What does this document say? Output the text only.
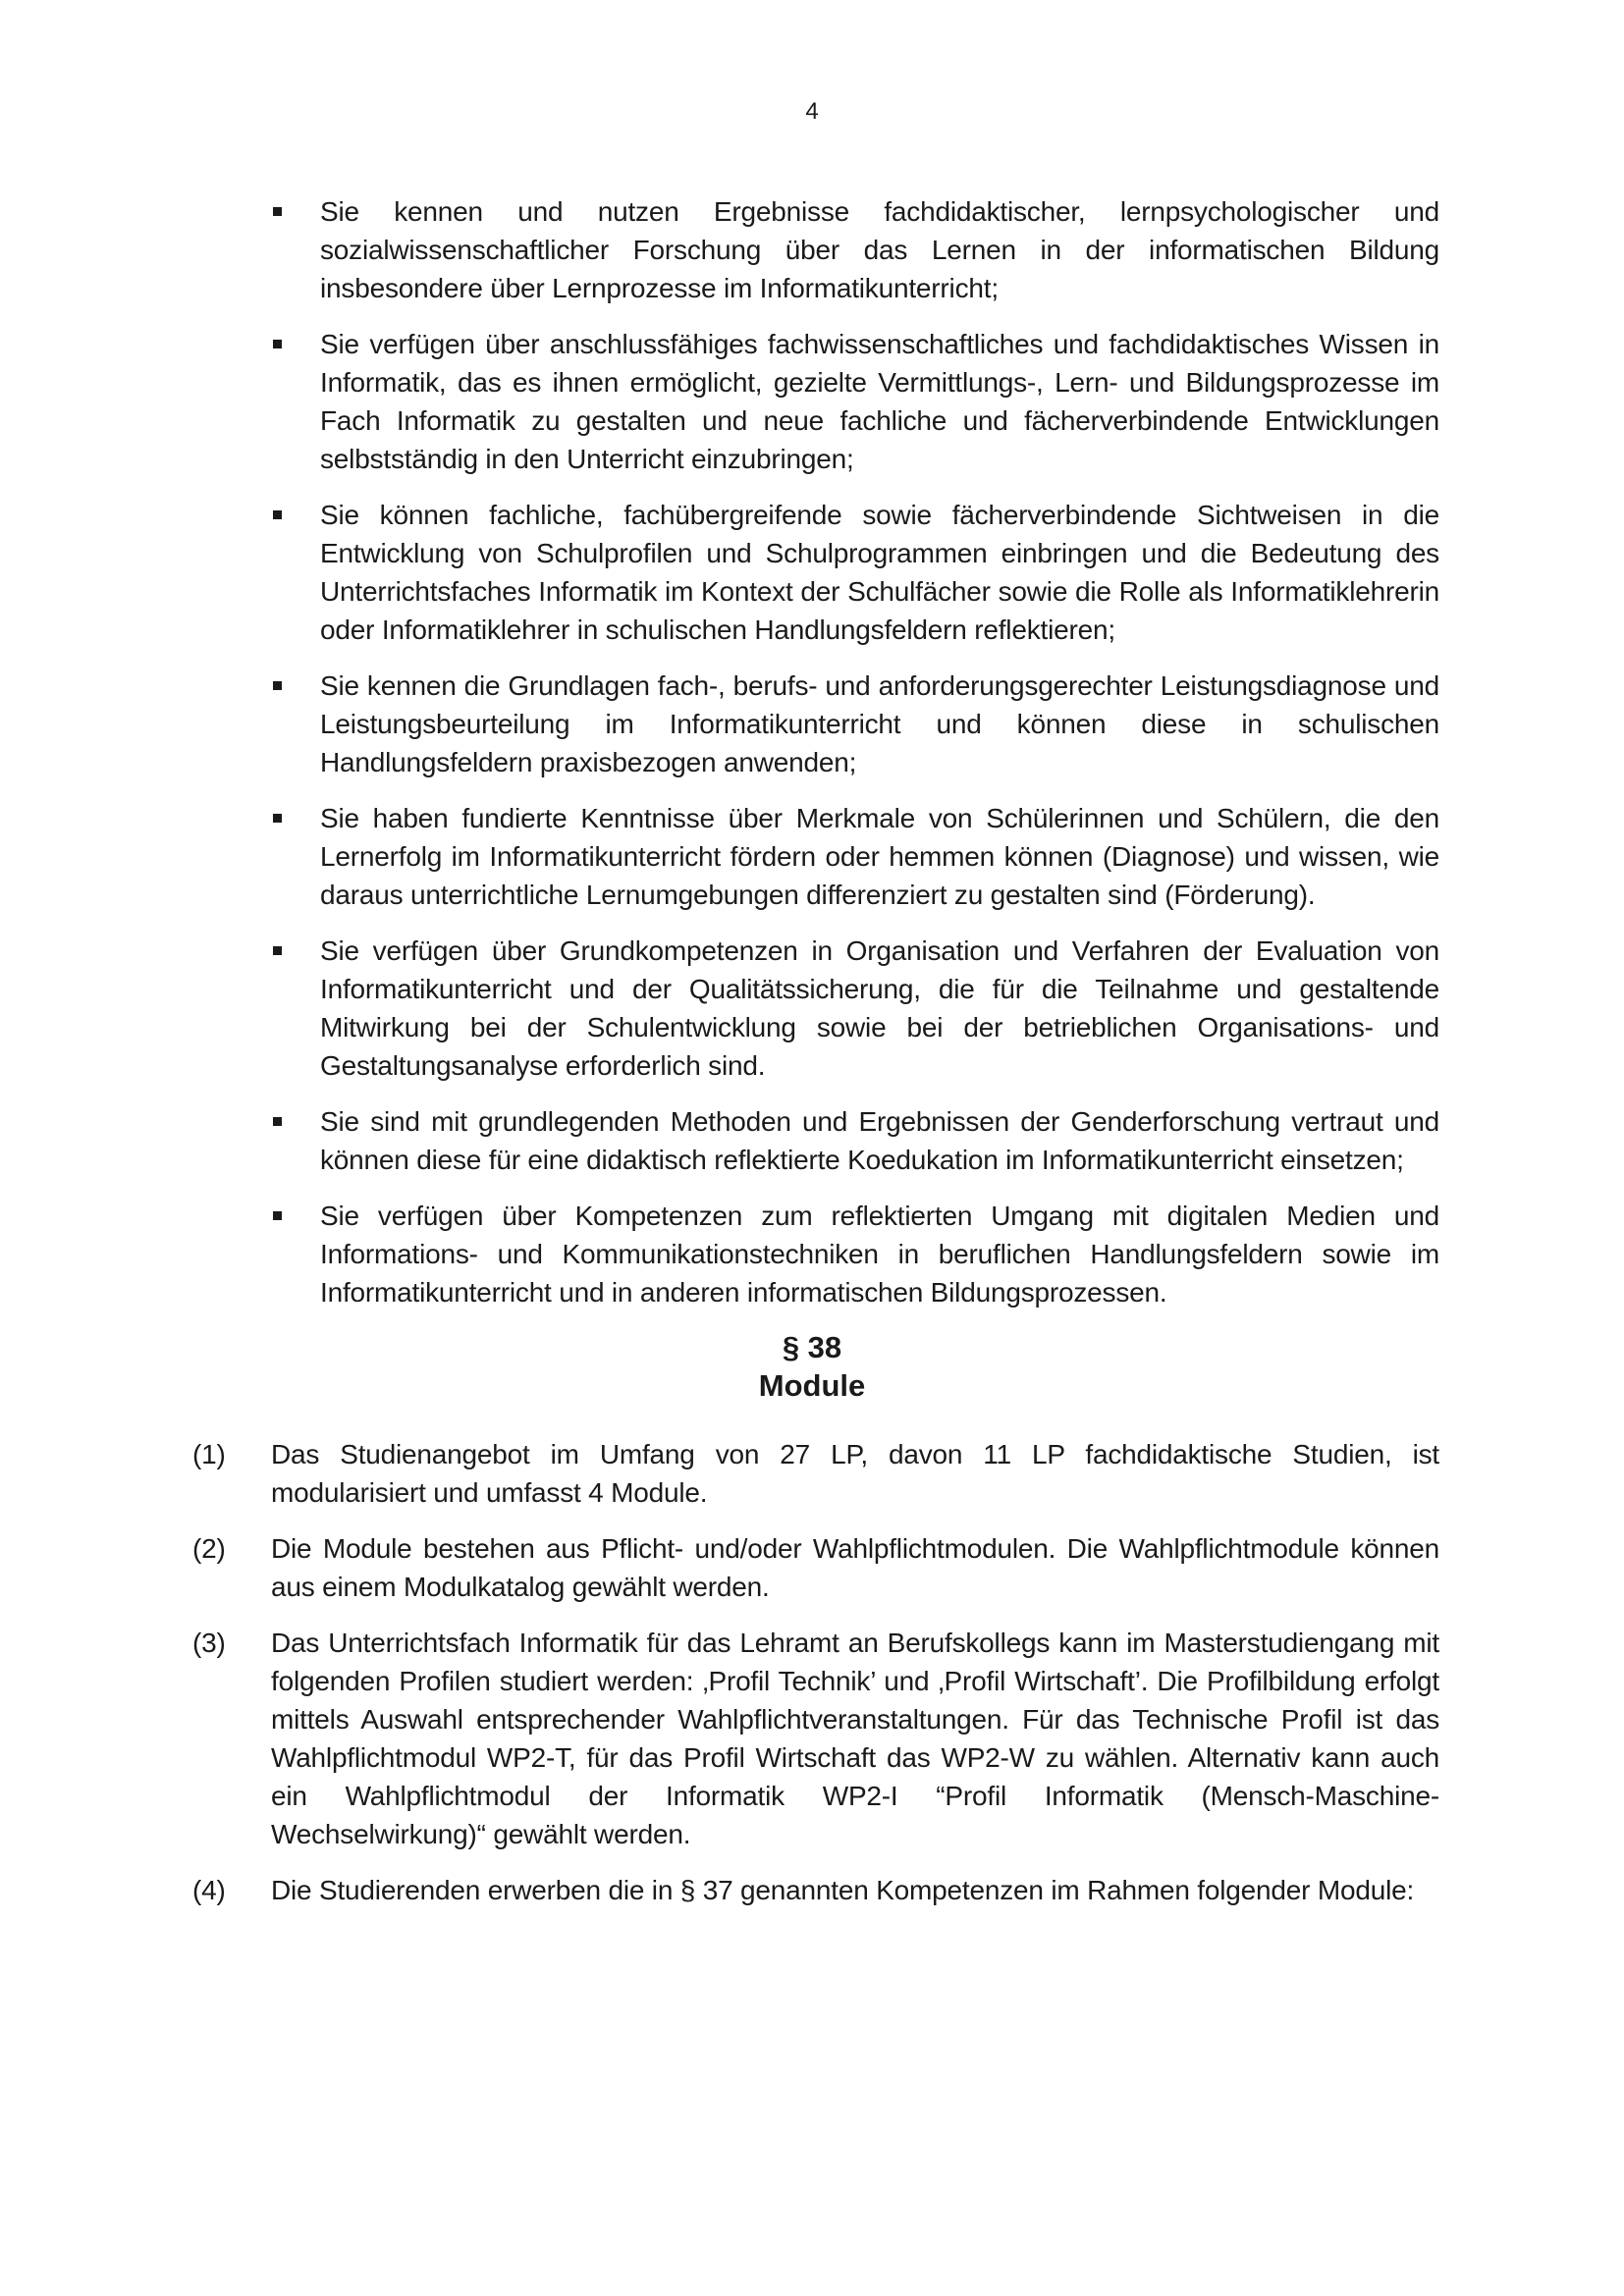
4
Sie kennen und nutzen Ergebnisse fachdidaktischer, lernpsychologischer und sozialwissenschaftlicher Forschung über das Lernen in der informatischen Bildung insbesondere über Lernprozesse im Informatikunterricht;
Sie verfügen über anschlussfähiges fachwissenschaftliches und fachdidaktisches Wissen in Informatik, das es ihnen ermöglicht, gezielte Vermittlungs-, Lern- und Bildungsprozesse im Fach Informatik zu gestalten und neue fachliche und fächerverbindende Entwicklungen selbstständig in den Unterricht einzubringen;
Sie können fachliche, fachübergreifende sowie fächerverbindende Sichtweisen in die Entwicklung von Schulprofilen und Schulprogrammen einbringen und die Bedeutung des Unterrichtsfaches Informatik im Kontext der Schulfächer sowie die Rolle als Informatiklehrerin oder Informatiklehrer in schulischen Handlungsfeldern reflektieren;
Sie kennen die Grundlagen fach-, berufs- und anforderungsgerechter Leistungsdiagnose und Leistungsbeurteilung im Informatikunterricht und können diese in schulischen Handlungsfeldern praxisbezogen anwenden;
Sie haben fundierte Kenntnisse über Merkmale von Schülerinnen und Schülern, die den Lernerfolg im Informatikunterricht fördern oder hemmen können (Diagnose) und wissen, wie daraus unterrichtliche Lernumgebungen differenziert zu gestalten sind (Förderung).
Sie verfügen über Grundkompetenzen in Organisation und Verfahren der Evaluation von Informatikunterricht und der Qualitätssicherung, die für die Teilnahme und gestaltende Mitwirkung bei der Schulentwicklung sowie bei der betrieblichen Organisations- und Gestaltungsanalyse erforderlich sind.
Sie sind mit grundlegenden Methoden und Ergebnissen der Genderforschung vertraut und können diese für eine didaktisch reflektierte Koedukation im Informatikunterricht einsetzen;
Sie verfügen über Kompetenzen zum reflektierten Umgang mit digitalen Medien und Informations- und Kommunikationstechniken in beruflichen Handlungsfeldern sowie im Informatikunterricht und in anderen informatischen Bildungsprozessen.
§ 38
Module
(1)	Das Studienangebot im Umfang von 27 LP, davon 11 LP fachdidaktische Studien, ist modularisiert und umfasst 4 Module.
(2)	Die Module bestehen aus Pflicht- und/oder Wahlpflichtmodulen. Die Wahlpflichtmodule können aus einem Modulkatalog gewählt werden.
(3)	Das Unterrichtsfach Informatik für das Lehramt an Berufskollegs kann im Masterstudiengang mit folgenden Profilen studiert werden: ‚Profil Technik’ und ‚Profil Wirtschaft’. Die Profilbildung erfolgt mittels Auswahl entsprechender Wahlpflichtveranstaltungen. Für das Technische Profil ist das Wahlpflichtmodul WP2-T, für das Profil Wirtschaft das WP2-W zu wählen. Alternativ kann auch ein Wahlpflichtmodul der Informatik WP2-I “Profil Informatik (Mensch-Maschine-Wechselwirkung)“ gewählt werden.
(4)	Die Studierenden erwerben die in § 37 genannten Kompetenzen im Rahmen folgender Module:
